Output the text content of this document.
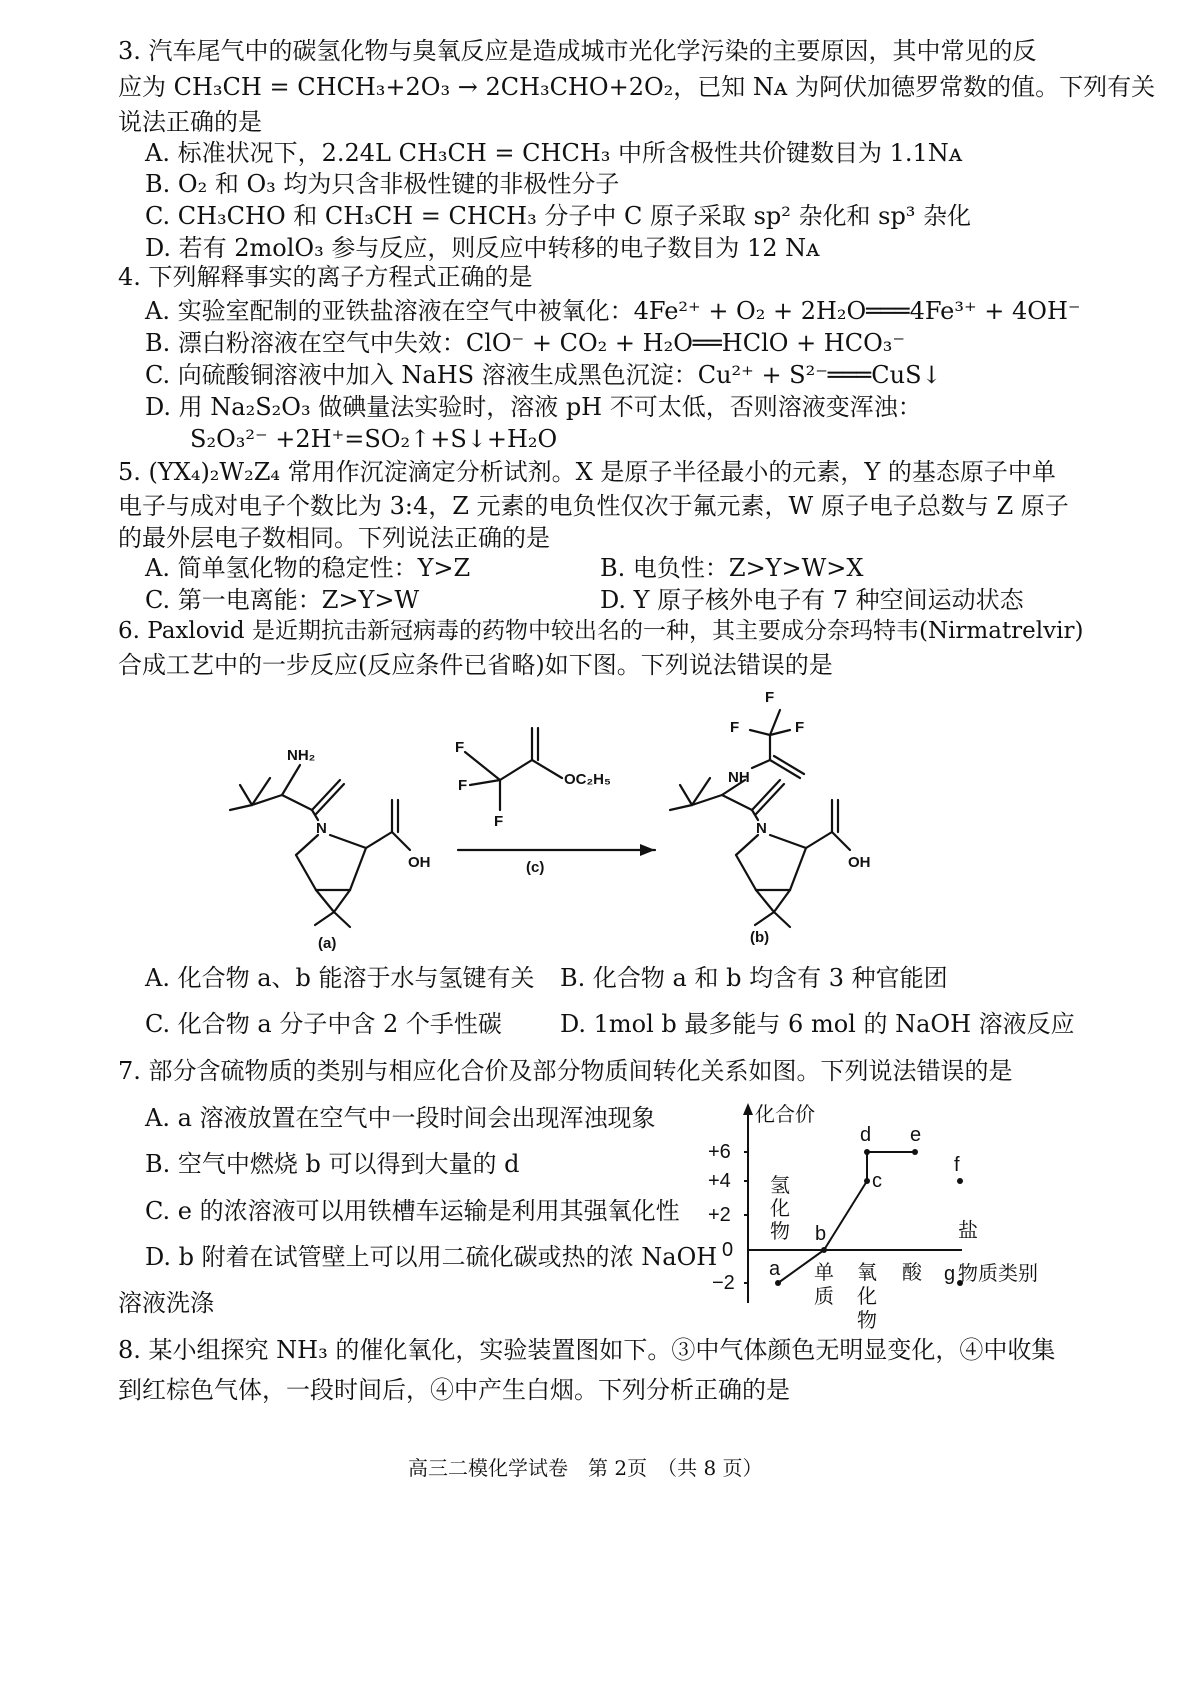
3. 汽车尾气中的碳氢化物与臭氧反应是造成城市光化学污染的主要原因，其中常见的反
应为 CH₃CH = CHCH₃+2O₃ → 2CH₃CHO+2O₂，已知 Nᴀ 为阿伏加德罗常数的值。下列有关
说法正确的是
A. 标准状况下，2.24L CH₃CH = CHCH₃ 中所含极性共价键数目为 1.1Nᴀ
B. O₂ 和 O₃ 均为只含非极性键的非极性分子
C. CH₃CHO 和 CH₃CH = CHCH₃ 分子中 C 原子采取 sp² 杂化和 sp³ 杂化
D. 若有 2molO₃ 参与反应，则反应中转移的电子数目为 12 Nᴀ
4. 下列解释事实的离子方程式正确的是
A. 实验室配制的亚铁盐溶液在空气中被氧化：4Fe²⁺ + O₂ + 2H₂O═══4Fe³⁺ + 4OH⁻
B. 漂白粉溶液在空气中失效：ClO⁻ + CO₂ + H₂O══HClO + HCO₃⁻
C. 向硫酸铜溶液中加入 NaHS 溶液生成黑色沉淀：Cu²⁺ + S²⁻═══CuS↓
D. 用 Na₂S₂O₃ 做碘量法实验时，溶液 pH 不可太低，否则溶液变浑浊：
S₂O₃²⁻ +2H⁺=SO₂↑+S↓+H₂O
5. (YX₄)₂W₂Z₄ 常用作沉淀滴定分析试剂。X 是原子半径最小的元素，Y 的基态原子中单
电子与成对电子个数比为 3:4，Z 元素的电负性仅次于氟元素，W 原子电子总数与 Z 原子
的最外层电子数相同。下列说法正确的是
A. 简单氢化物的稳定性：Y>Z	B. 电负性：Z>Y>W>X
C. 第一电离能：Z>Y>W	D. Y 原子核外电子有 7 种空间运动状态
6. Paxlovid 是近期抗击新冠病毒的药物中较出名的一种，其主要成分奈玛特韦(Nirmatrelvir)
合成工艺中的一步反应(反应条件已省略)如下图。下列说法错误的是
NH₂
N
OH
(a)
F
F
F
OC₂H₅
(c)
F
F	F
NH
N
OH
(b)
A. 化合物 a、b 能溶于水与氢键有关 B. 化合物 a 和 b 均含有 3 种官能团
C. 化合物 a 分子中含 2 个手性碳 D. 1mol b 最多能与 6 mol 的 NaOH 溶液反应
7. 部分含硫物质的类别与相应化合价及部分物质间转化关系如图。下列说法错误的是
A. a 溶液放置在空气中一段时间会出现浑浊现象
B. 空气中燃烧 b 可以得到大量的 d
C. e 的浓溶液可以用铁槽车运输是利用其强氧化性
D. b 附着在试管壁上可以用二硫化碳或热的浓 NaOH
溶液洗涤
化合价
物质类别
+6
+4
+2
0
−2
a
b
c
d e
f
g
盐
酸
氢
化
物
单
质
氧
化
物
8. 某小组探究 NH₃ 的催化氧化，实验装置图如下。③中气体颜色无明显变化，④中收集
到红棕色气体，一段时间后，④中产生白烟。下列分析正确的是
高三二模化学试卷　第 2页　（共 8 页）
